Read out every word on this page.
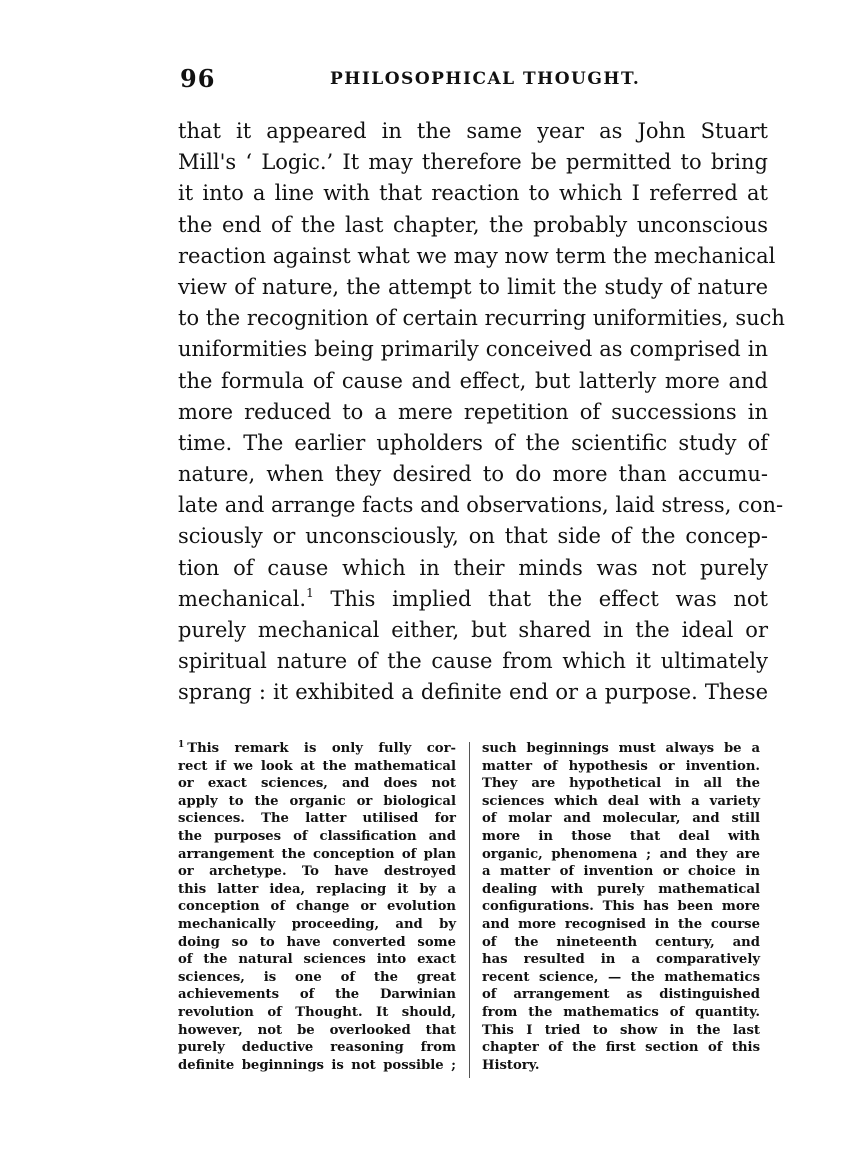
96	PHILOSOPHICAL THOUGHT.
that it appeared in the same year as John Stuart
Mill's ‘ Logic.’ It may therefore be permitted to bring
it into a line with that reaction to which I referred at
the end of the last chapter, the probably unconscious
reaction against what we may now term the mechanical
view of nature, the attempt to limit the study of nature
to the recognition of certain recurring uniformities, such
uniformities being primarily conceived as comprised in
the formula of cause and effect, but latterly more and
more reduced to a mere repetition of successions in
time. The earlier upholders of the scientific study of
nature, when they desired to do more than accumu-
late and arrange facts and observations, laid stress, con-
sciously or unconsciously, on that side of the concep-
tion of cause which in their minds was not purely
mechanical.$^1$ This implied that the effect was not
purely mechanical either, but shared in the ideal or
spiritual nature of the cause from which it ultimately
sprang : it exhibited a definite end or a purpose. These
$^1$ This remark is only fully cor-
rect if we look at the mathematical
or exact sciences, and does not
apply to the organic or biological
sciences. The latter utilised for
the purposes of classification and
arrangement the conception of plan
or archetype. To have destroyed
this latter idea, replacing it by a
conception of change or evolution
mechanically proceeding, and by
doing so to have converted some
of the natural sciences into exact
sciences, is one of the great
achievements of the Darwinian
revolution of Thought. It should,
however, not be overlooked that
purely deductive reasoning from
definite beginnings is not possible ;
such beginnings must always be a
matter of hypothesis or invention.
They are hypothetical in all the
sciences which deal with a variety
of molar and molecular, and still
more in those that deal with
organic, phenomena ; and they are
a matter of invention or choice in
dealing with purely mathematical
configurations. This has been more
and more recognised in the course
of the nineteenth century, and
has resulted in a comparatively
recent science, — the mathematics
of arrangement as distinguished
from the mathematics of quantity.
This I tried to show in the last
chapter of the first section of this
History.
